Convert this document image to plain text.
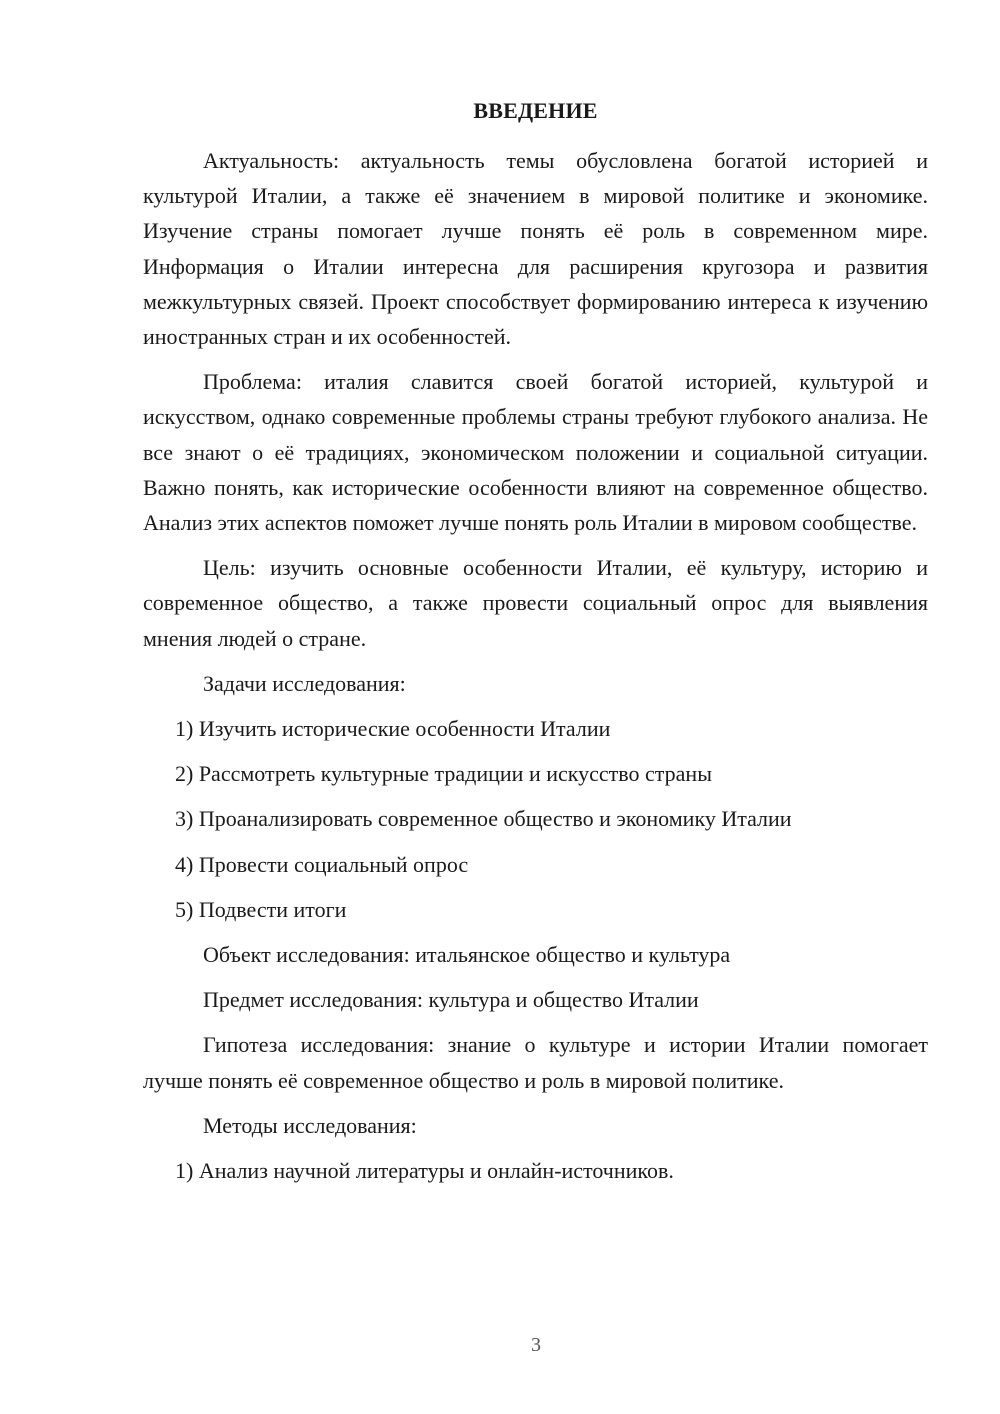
ВВЕДЕНИЕ

Актуальность: актуальность темы обусловлена богатой историей и культурой Италии, а также её значением в мировой политике и экономике. Изучение страны помогает лучше понять её роль в современном мире. Информация о Италии интересна для расширения кругозора и развития межкультурных связей. Проект способствует формированию интереса к изучению иностранных стран и их особенностей.

Проблема: италия славится своей богатой историей, культурой и искусством, однако современные проблемы страны требуют глубокого анализа. Не все знают о её традициях, экономическом положении и социальной ситуации. Важно понять, как исторические особенности влияют на современное общество. Анализ этих аспектов поможет лучше понять роль Италии в мировом сообществе.

Цель: изучить основные особенности Италии, её культуру, историю и современное общество, а также провести социальный опрос для выявления мнения людей о стране.

Задачи исследования:

1) Изучить исторические особенности Италии

2) Рассмотреть культурные традиции и искусство страны

3) Проанализировать современное общество и экономику Италии

4) Провести социальный опрос

5) Подвести итоги

Объект исследования: итальянское общество и культура

Предмет исследования: культура и общество Италии

Гипотеза исследования: знание о культуре и истории Италии помогает лучше понять её современное общество и роль в мировой политике.

Методы исследования:

1) Анализ научной литературы и онлайн-источников.

3
